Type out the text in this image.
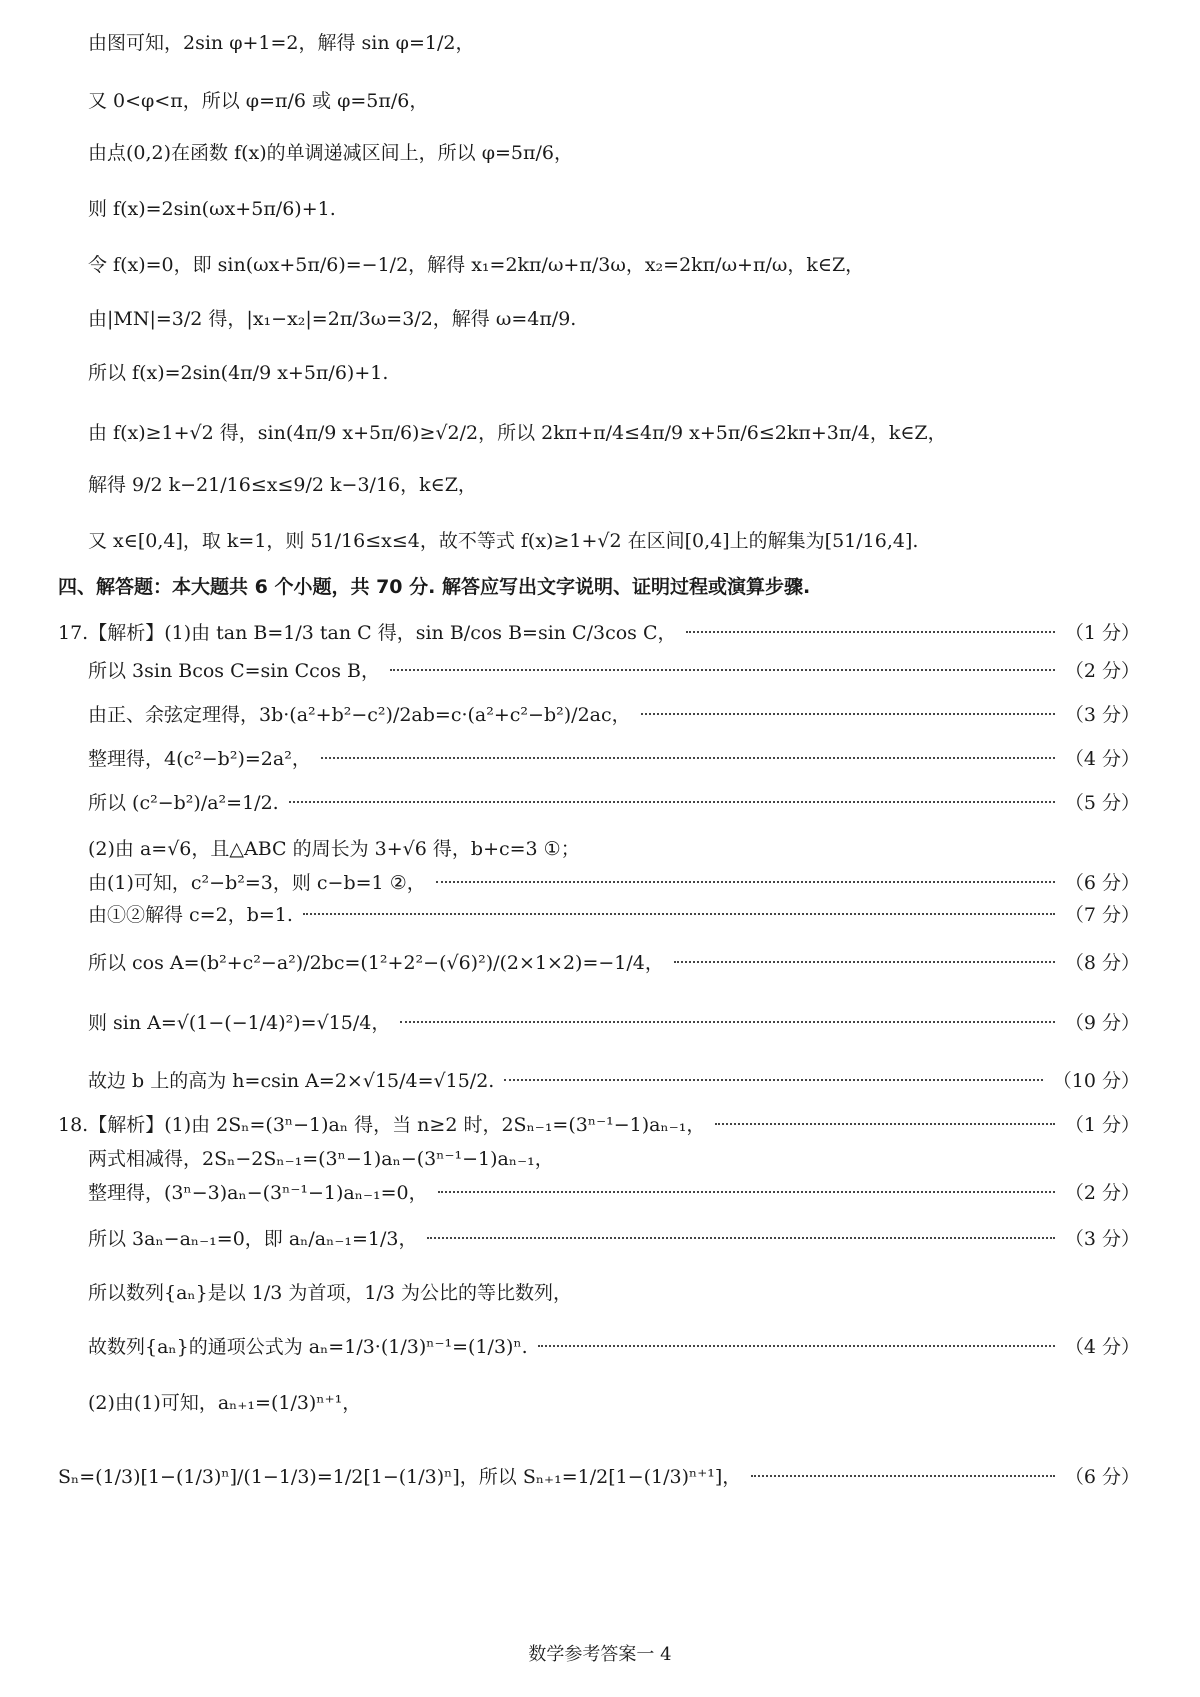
由图可知，2sin φ+1=2，解得 sin φ=1/2，
又 0<φ<π，所以 φ=π/6 或 φ=5π/6，
由点(0,2)在函数 f(x)的单调递减区间上，所以 φ=5π/6，
则 f(x)=2sin(ωx+5π/6)+1.
令 f(x)=0，即 sin(ωx+5π/6)=−1/2，解得 x₁=2kπ/ω+π/3ω，x₂=2kπ/ω+π/ω，k∈Z，
由|MN|=3/2 得，|x₁−x₂|=2π/3ω=3/2，解得 ω=4π/9.
所以 f(x)=2sin(4π/9 x+5π/6)+1.
由 f(x)≥1+√2 得，sin(4π/9 x+5π/6)≥√2/2，所以 2kπ+π/4≤4π/9 x+5π/6≤2kπ+3π/4，k∈Z，
解得 9/2 k−21/16≤x≤9/2 k−3/16，k∈Z，
又 x∈[0,4]，取 k=1，则 51/16≤x≤4，故不等式 f(x)≥1+√2 在区间[0,4]上的解集为[51/16,4].
四、解答题：本大题共 6 个小题，共 70 分. 解答应写出文字说明、证明过程或演算步骤.
17.【解析】(1)由 tan B=1/3 tan C 得，sin B/cos B=sin C/3cos C，	（1 分）
所以 3sin Bcos C=sin Ccos B，	（2 分）
由正、余弦定理得，3b·(a²+b²−c²)/2ab=c·(a²+c²−b²)/2ac，	（3 分）
整理得，4(c²−b²)=2a²，	（4 分）
所以 (c²−b²)/a²=1/2.	（5 分）
(2)由 a=√6，且△ABC 的周长为 3+√6 得，b+c=3 ①；
由(1)可知，c²−b²=3，则 c−b=1 ②，	（6 分）
由①②解得 c=2，b=1.	（7 分）
所以 cos A=(b²+c²−a²)/2bc=(1²+2²−(√6)²)/(2×1×2)=−1/4，	（8 分）
则 sin A=√(1−(−1/4)²)=√15/4，	（9 分）
故边 b 上的高为 h=csin A=2×√15/4=√15/2.	（10 分）
18.【解析】(1)由 2Sₙ=(3ⁿ−1)aₙ 得，当 n≥2 时，2Sₙ₋₁=(3ⁿ⁻¹−1)aₙ₋₁，	（1 分）
两式相减得，2Sₙ−2Sₙ₋₁=(3ⁿ−1)aₙ−(3ⁿ⁻¹−1)aₙ₋₁，
整理得，(3ⁿ−3)aₙ−(3ⁿ⁻¹−1)aₙ₋₁=0，	（2 分）
所以 3aₙ−aₙ₋₁=0，即 aₙ/aₙ₋₁=1/3，	（3 分）
所以数列{aₙ}是以 1/3 为首项，1/3 为公比的等比数列，
故数列{aₙ}的通项公式为 aₙ=1/3·(1/3)ⁿ⁻¹=(1/3)ⁿ.	（4 分）
(2)由(1)可知，aₙ₊₁=(1/3)ⁿ⁺¹，
Sₙ=(1/3)[1−(1/3)ⁿ]/(1−1/3)=1/2[1−(1/3)ⁿ]，所以 Sₙ₊₁=1/2[1−(1/3)ⁿ⁺¹]，	（6 分）
数学参考答案一 4
